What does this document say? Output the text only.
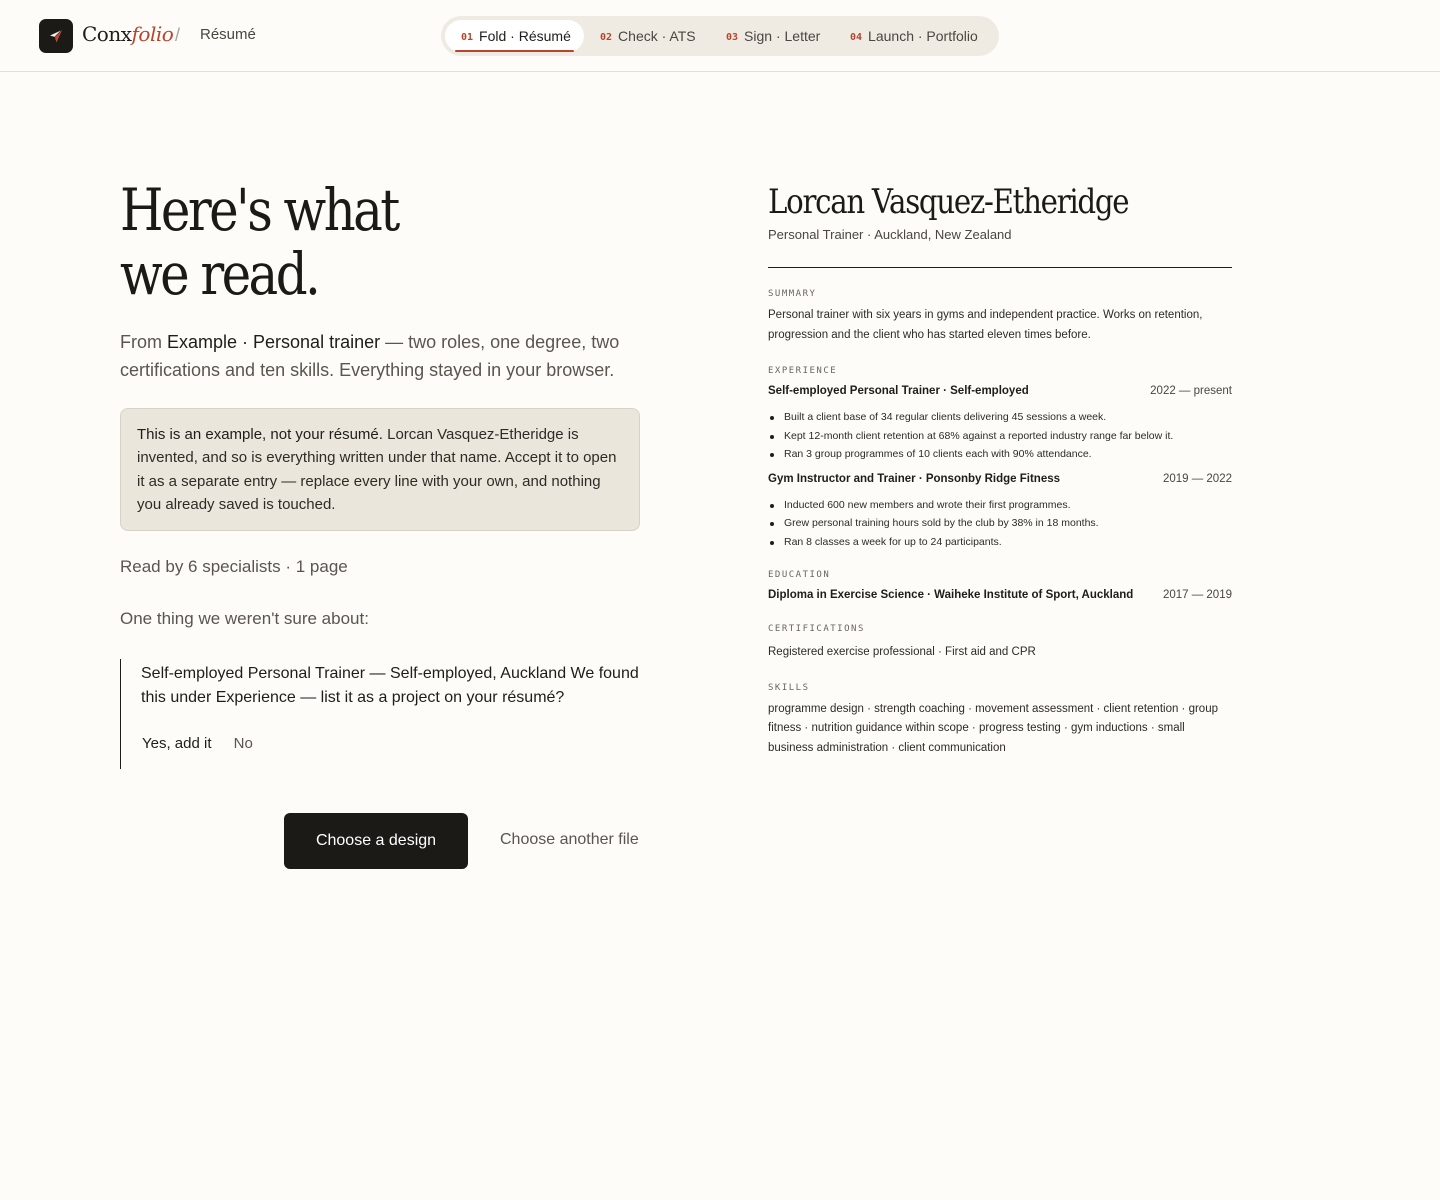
Conxfolio / Résumé	01 Fold · Résumé	02 Check · ATS	03 Sign · Letter	04 Launch · Portfolio
Here's what
we read.

From Example · Personal trainer — two roles, one degree, two certifications and ten skills. Everything stayed in your browser.

This is an example, not your résumé. Lorcan Vasquez-Etheridge is invented, and so is everything written under that name. Accept it to open it as a separate entry — replace every line with your own, and nothing you already saved is touched.
Read by 6 specialists · 1 page
One thing we weren't sure about:
Self-employed Personal Trainer — Self-employed, Auckland We found this under Experience — list it as a project on your résumé?
Yes, add it No
Choose a design	Choose another file
Lorcan Vasquez-Etheridge
Personal Trainer · Auckland, New Zealand
SUMMARY
Personal trainer with six years in gyms and independent practice. Works on retention, progression and the client who has started eleven times before.
EXPERIENCE
Self-employed Personal Trainer · Self-employed	2022 — present
Built a client base of 34 regular clients delivering 45 sessions a week.
Kept 12-month client retention at 68% against a reported industry range far below it.
Ran 3 group programmes of 10 clients each with 90% attendance.
Gym Instructor and Trainer · Ponsonby Ridge Fitness	2019 — 2022
Inducted 600 new members and wrote their first programmes.
Grew personal training hours sold by the club by 38% in 18 months.
Ran 8 classes a week for up to 24 participants.
EDUCATION
Diploma in Exercise Science · Waiheke Institute of Sport, Auckland	2017 — 2019
CERTIFICATIONS
Registered exercise professional · First aid and CPR
SKILLS
programme design · strength coaching · movement assessment · client retention · group fitness · nutrition guidance within scope · progress testing · gym inductions · small business administration · client communication
